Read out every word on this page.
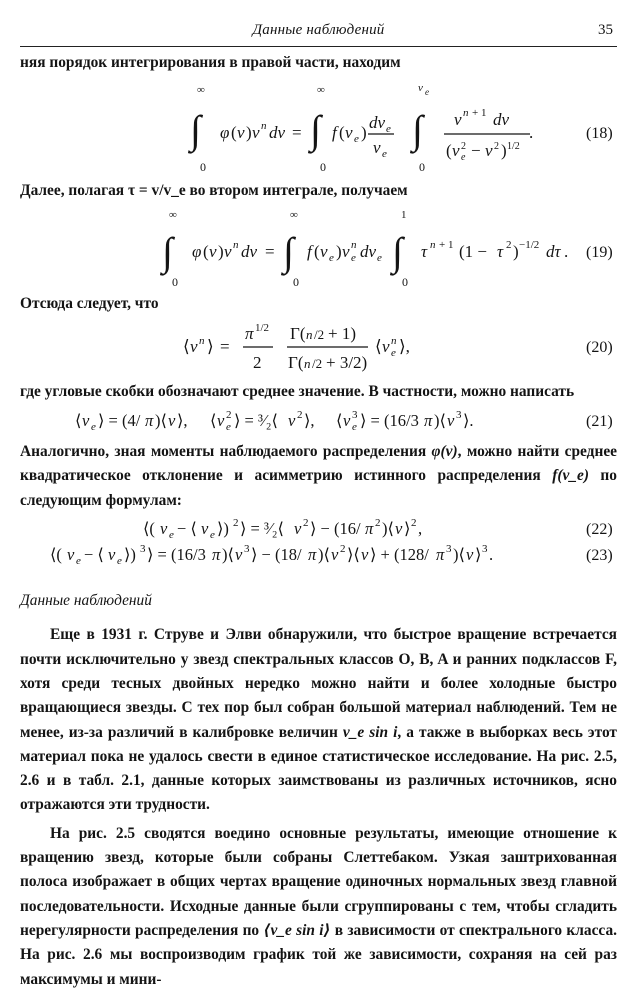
Данные наблюдений	35

няя порядок интегрирования в правой части, находим

∞
∫
0
φ ( v ) v n dv =
∞
∫
0
f ( v e )
dv e
v e
v e
∫
0
v n + 1 dv
( v e
2 − v 2 ) 1/2
.	(18)

Далее, полагая τ = v/v_e во втором интеграле, получаем

∞
∫
0
φ ( v ) v n dv =
∞
∫
0
f ( v e ) v e
n dv e
1
∫
0
τ n + 1 (1 − τ 2 ) −1/2 dτ . (19)

Отсюда следует, что

⟨ v n ⟩ =
π 1/2
2
Γ( n /2 + 1)
Γ( n /2 + 3/2)
⟨ v e
n ⟩,	(20)

где угловые скобки обозначают среднее значение. В частности, можно написать

⟨ v e ⟩ = (4/ π )⟨ v ⟩, ⟨ v e
2 ⟩ = ³⁄₂⟨ v 2 ⟩, ⟨ v e
3 ⟩ = (16/3 π )⟨ v 3 ⟩.	(21)

Аналогично, зная моменты наблюдаемого распределения φ(v), можно найти среднее квадратическое отклонение и асимметрию истинного распределения f(v_e) по следующим формулам:

⟨( v e − ⟨ v e ⟩) 2 ⟩ = ³⁄₂⟨ v 2 ⟩ − (16/ π 2 )⟨ v ⟩ 2 ,	(22)
⟨( v e − ⟨ v e ⟩) 3 ⟩ = (16/3 π )⟨ v 3 ⟩ − (18/ π )⟨ v 2 ⟩⟨ v ⟩ + (128/ π 3 )⟨ v ⟩ 3 .	(23)
Данные наблюдений

Еще в 1931 г. Струве и Элви обнаружили, что быстрое вращение встречается почти исключительно у звезд спектральных классов O, B, A и ранних подклассов F, хотя среди тесных двойных нередко можно найти и более холодные быстро вращающиеся звезды. С тех пор был собран большой материал наблюдений. Тем не менее, из-за различий в калибровке величин v_e sin i, а также в выборках весь этот материал пока не удалось свести в единое статистическое исследование. На рис. 2.5, 2.6 и в табл. 2.1, данные которых заимствованы из различных источников, ясно отражаются эти трудности.

На рис. 2.5 сводятся воедино основные результаты, имеющие отношение к вращению звезд, которые были собраны Слеттебаком. Узкая заштрихованная полоса изображает в общих чертах вращение одиночных нормальных звезд главной последовательности. Исходные данные были сгруппированы с тем, чтобы сгладить нерегулярности распределения по ⟨v_e sin i⟩ в зависимости от спектрального класса. На рис. 2.6 мы воспроизводим график той же зависимости, сохраняя на сей раз максимумы и мини-
